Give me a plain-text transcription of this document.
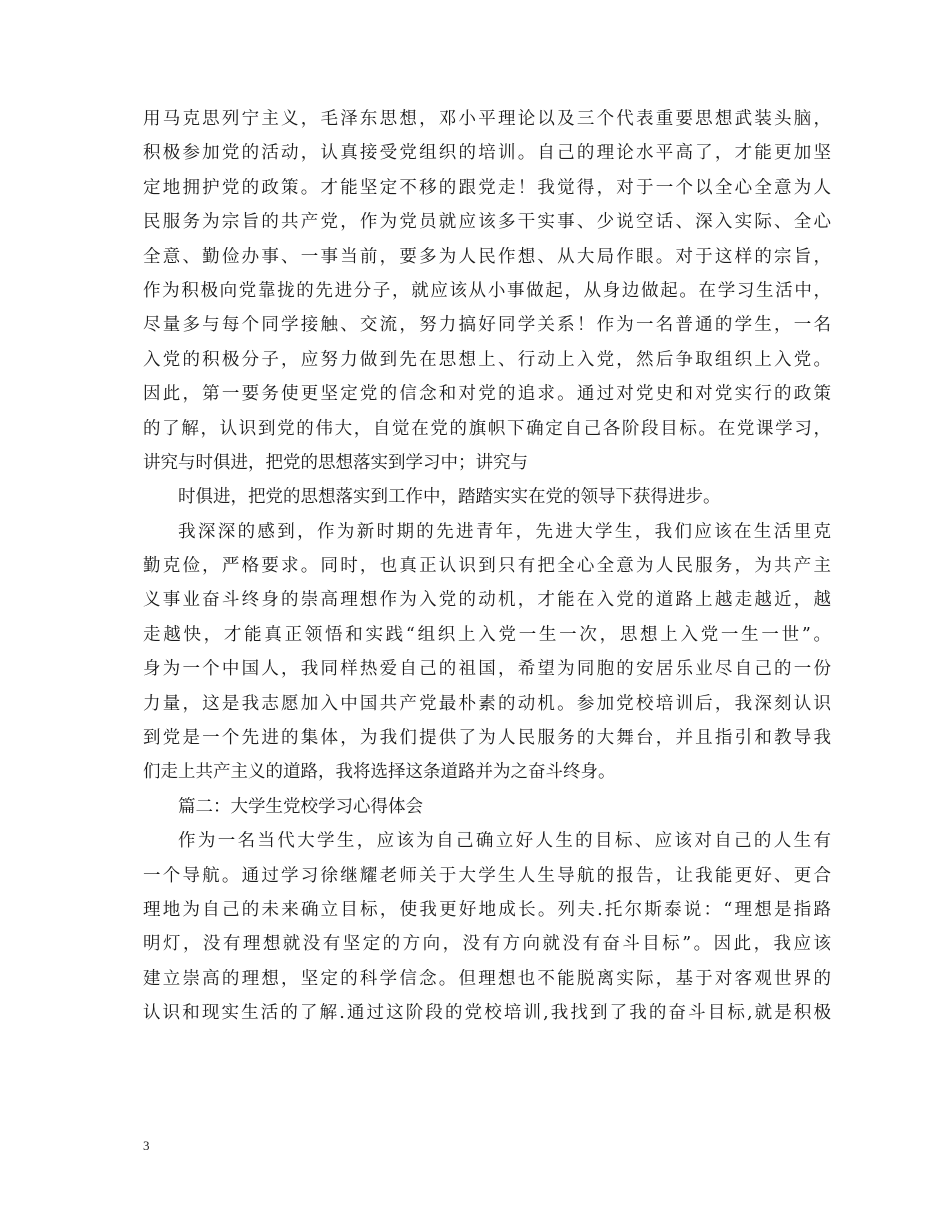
用马克思列宁主义，毛泽东思想，邓小平理论以及三个代表重要思想武装头脑，
积极参加党的活动，认真接受党组织的培训。自己的理论水平高了，才能更加坚
定地拥护党的政策。才能坚定不移的跟党走！我觉得，对于一个以全心全意为人
民服务为宗旨的共产党，作为党员就应该多干实事、少说空话、深入实际、全心
全意、勤俭办事、一事当前，要多为人民作想、从大局作眼。对于这样的宗旨，
作为积极向党靠拢的先进分子，就应该从小事做起，从身边做起。在学习生活中，
尽量多与每个同学接触、交流，努力搞好同学关系！作为一名普通的学生，一名
入党的积极分子，应努力做到先在思想上、行动上入党，然后争取组织上入党。
因此，第一要务使更坚定党的信念和对党的追求。通过对党史和对党实行的政策
的了解，认识到党的伟大，自觉在党的旗帜下确定自己各阶段目标。在党课学习，
讲究与时俱进，把党的思想落实到学习中；讲究与
时俱进，把党的思想落实到工作中，踏踏实实在党的领导下获得进步。
我深深的感到，作为新时期的先进青年，先进大学生，我们应该在生活里克
勤克俭，严格要求。同时，也真正认识到只有把全心全意为人民服务，为共产主
义事业奋斗终身的崇高理想作为入党的动机，才能在入党的道路上越走越近，越
走越快，才能真正领悟和实践“组织上入党一生一次，思想上入党一生一世”。
身为一个中国人，我同样热爱自己的祖国，希望为同胞的安居乐业尽自己的一份
力量，这是我志愿加入中国共产党最朴素的动机。参加党校培训后，我深刻认识
到党是一个先进的集体，为我们提供了为人民服务的大舞台，并且指引和教导我
们走上共产主义的道路，我将选择这条道路并为之奋斗终身。
篇二：大学生党校学习心得体会
作为一名当代大学生，应该为自己确立好人生的目标、应该对自己的人生有
一个导航。通过学习徐继耀老师关于大学生人生导航的报告，让我能更好、更合
理地为自己的未来确立目标，使我更好地成长。列夫.托尔斯泰说：“理想是指路
明灯，没有理想就没有坚定的方向，没有方向就没有奋斗目标”。因此，我应该
建立崇高的理想，坚定的科学信念。但理想也不能脱离实际，基于对客观世界的
认识和现实生活的了解.通过这阶段的党校培训,我找到了我的奋斗目标,就是积极
3
